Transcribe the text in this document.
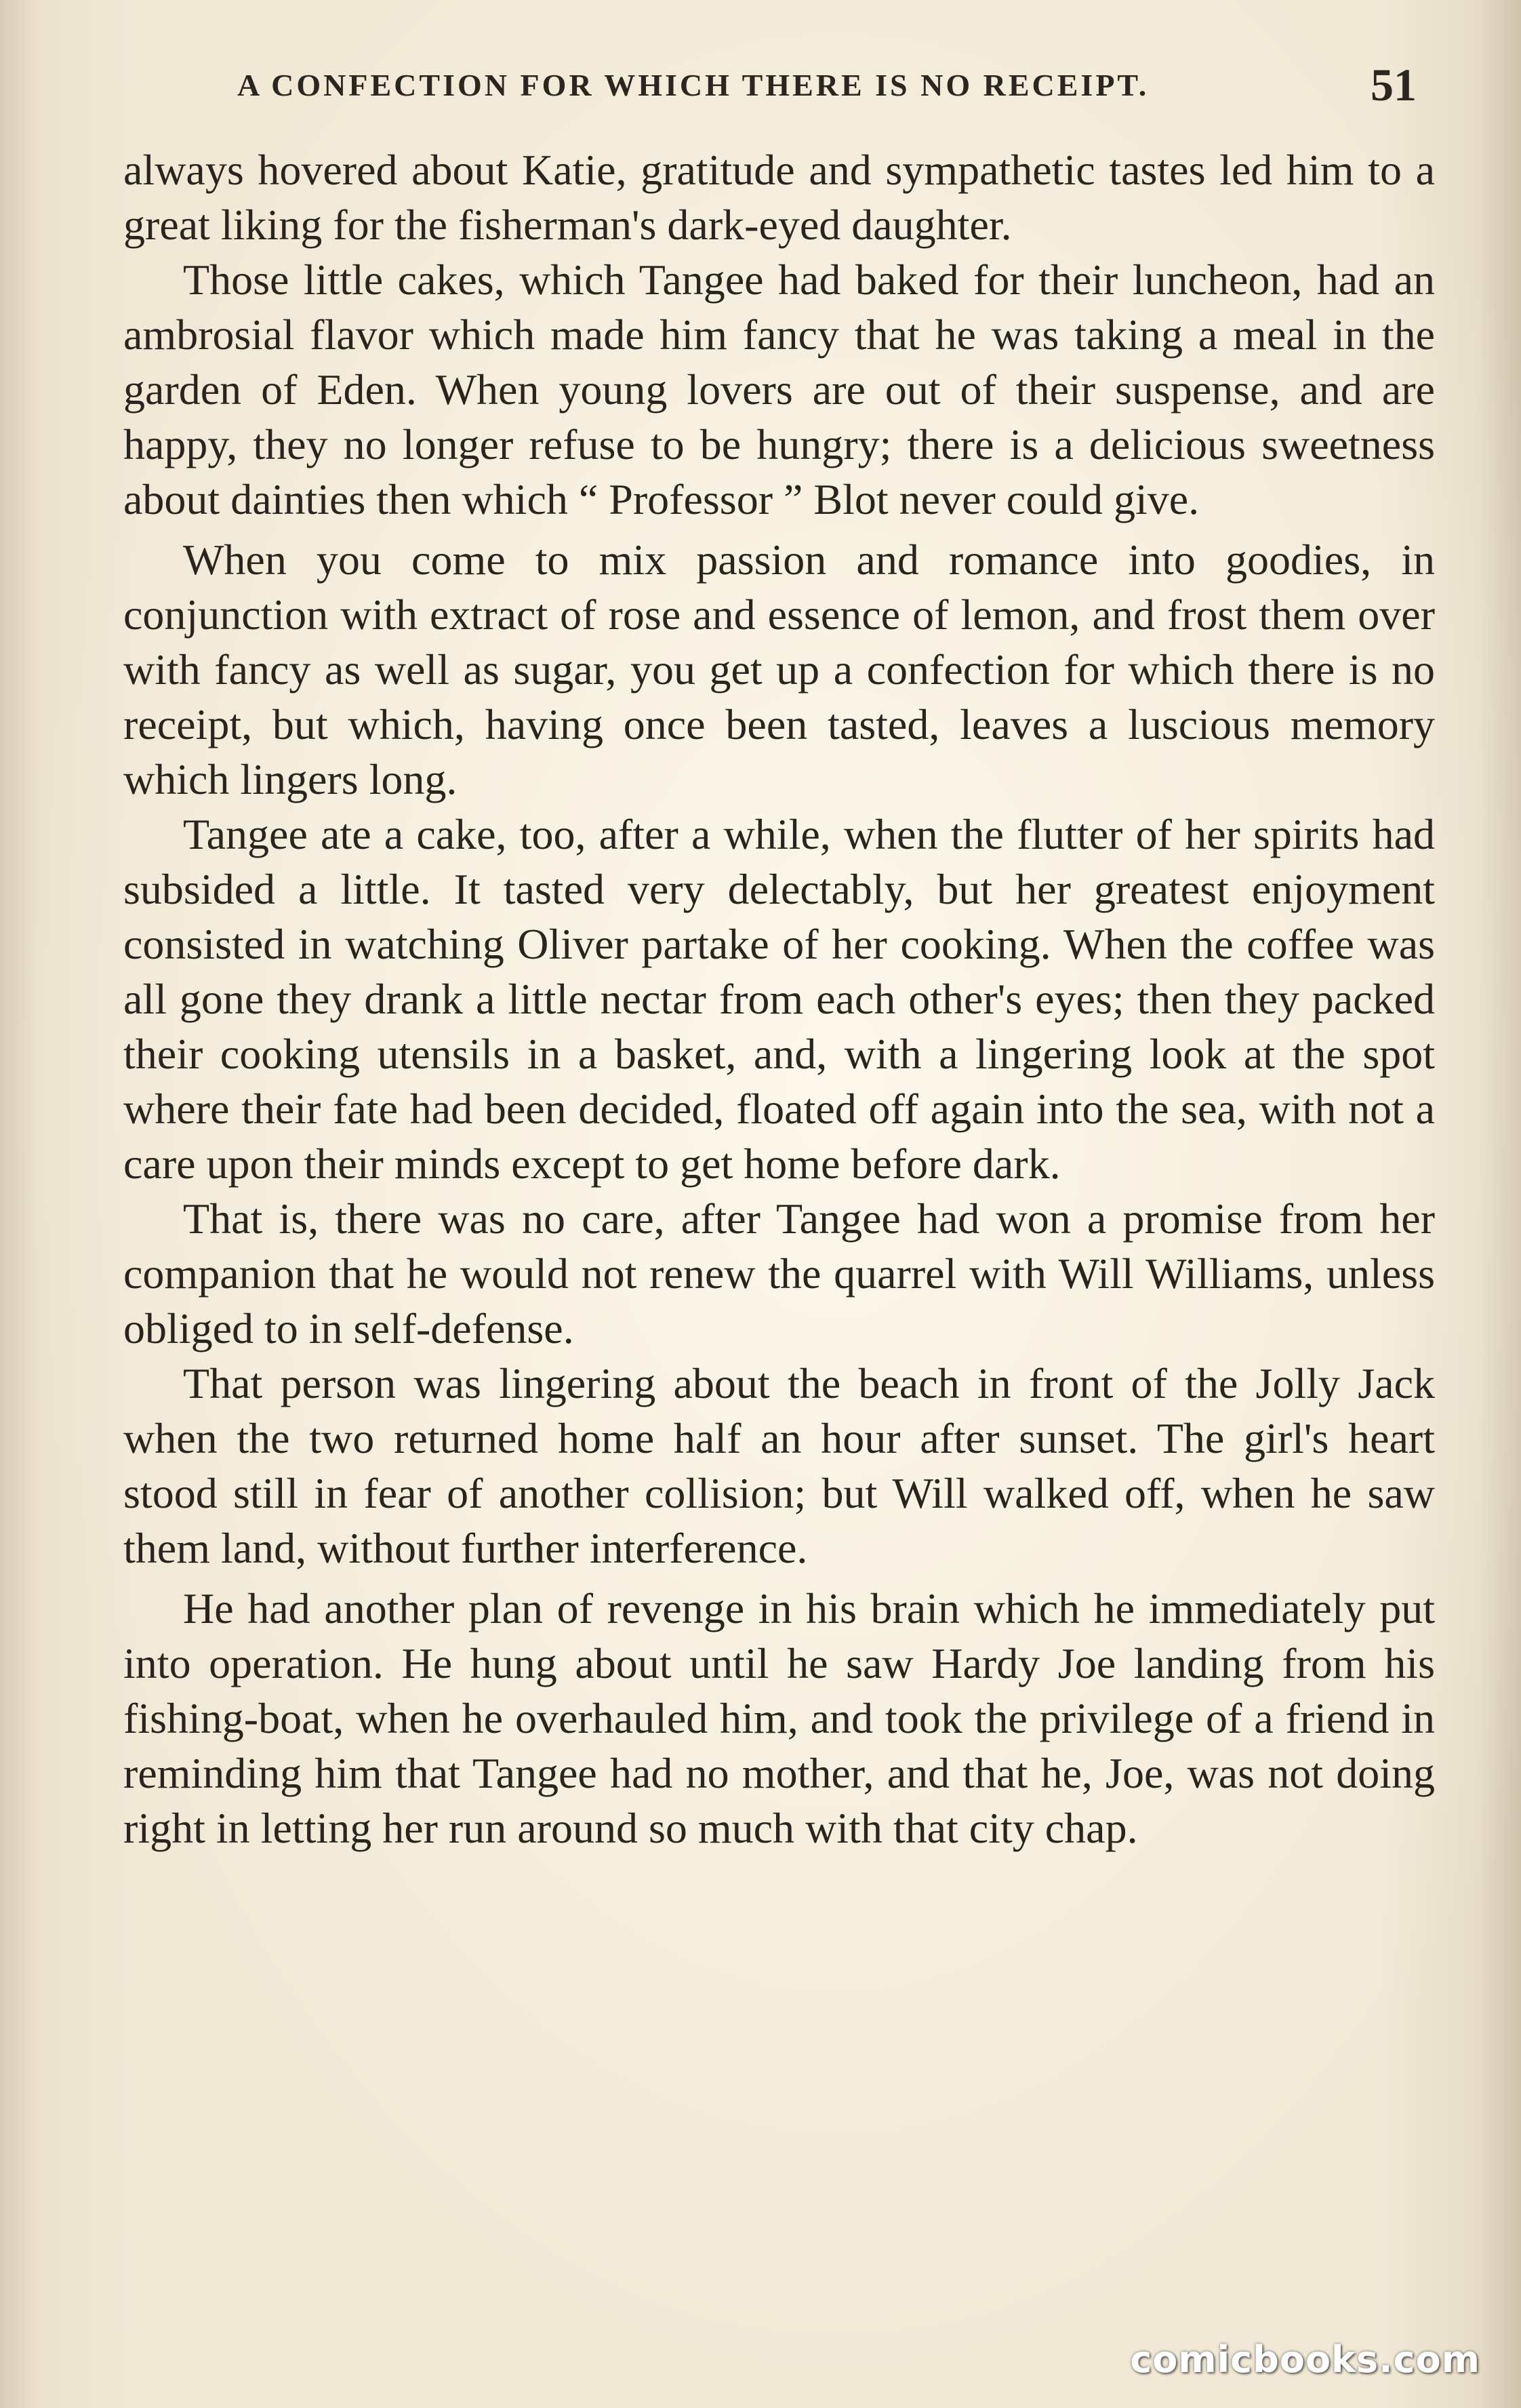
A CONFECTION FOR WHICH THERE IS NO RECEIPT.	51

always hovered about Katie, gratitude and sympathetic tastes led him to a great liking for the fisherman's dark-eyed daughter.

Those little cakes, which Tangee had baked for their luncheon, had an ambrosial flavor which made him fancy that he was taking a meal in the garden of Eden. When young lovers are out of their suspense, and are happy, they no longer refuse to be hungry; there is a delicious sweetness about dainties then which “ Professor ” Blot never could give.

When you come to mix passion and romance into goodies, in conjunction with extract of rose and essence of lemon, and frost them over with fancy as well as sugar, you get up a confection for which there is no receipt, but which, having once been tasted, leaves a luscious memory which lingers long.

Tangee ate a cake, too, after a while, when the flutter of her spirits had subsided a little. It tasted very delectably, but her greatest enjoyment consisted in watching Oliver partake of her cooking. When the coffee was all gone they drank a little nectar from each other's eyes; then they packed their cooking utensils in a basket, and, with a lingering look at the spot where their fate had been decided, floated off again into the sea, with not a care upon their minds except to get home before dark.

That is, there was no care, after Tangee had won a promise from her companion that he would not renew the quarrel with Will Williams, unless obliged to in self-defense.

That person was lingering about the beach in front of the Jolly Jack when the two returned home half an hour after sunset. The girl's heart stood still in fear of another collision; but Will walked off, when he saw them land, without further interference.

He had another plan of revenge in his brain which he immediately put into operation. He hung about until he saw Hardy Joe landing from his fishing-boat, when he overhauled him, and took the privilege of a friend in reminding him that Tangee had no mother, and that he, Joe, was not doing right in letting her run around so much with that city chap.

comicbooks.com
